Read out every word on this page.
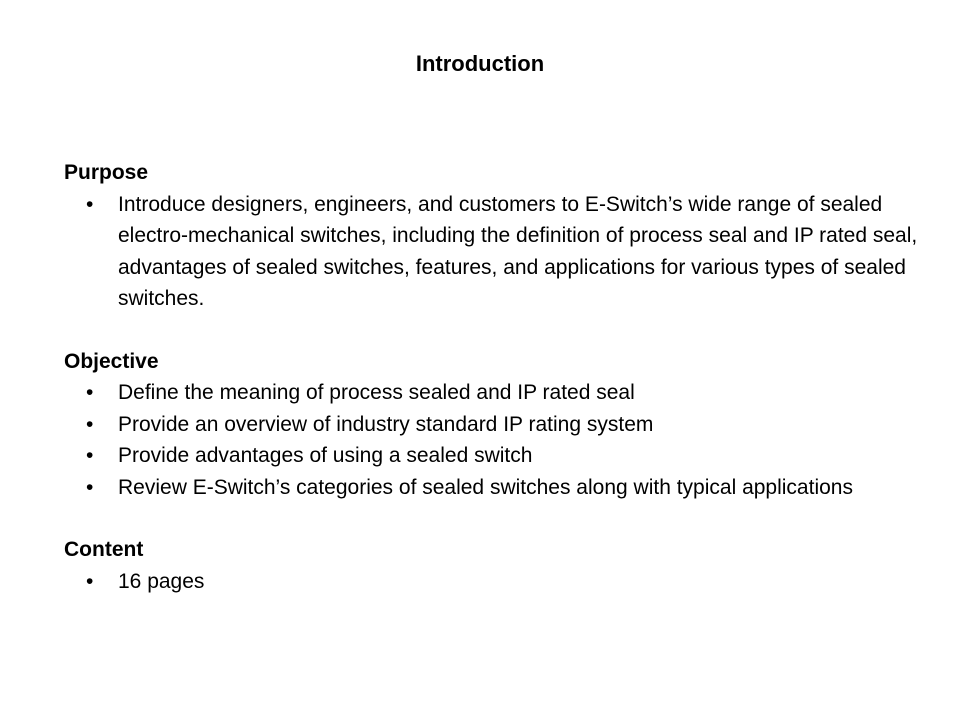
Introduction

Purpose

•	Introduce designers, engineers, and customers to E-Switch’s wide range of sealed electro-mechanical switches, including the definition of process seal and IP rated seal, advantages of sealed switches, features, and applications for various types of sealed switches.

Objective

•	Define the meaning of process sealed and IP rated seal
•	Provide an overview of industry standard IP rating system
•	Provide advantages of using a sealed switch
•	Review E-Switch’s categories of sealed switches along with typical applications

Content

•	16 pages
